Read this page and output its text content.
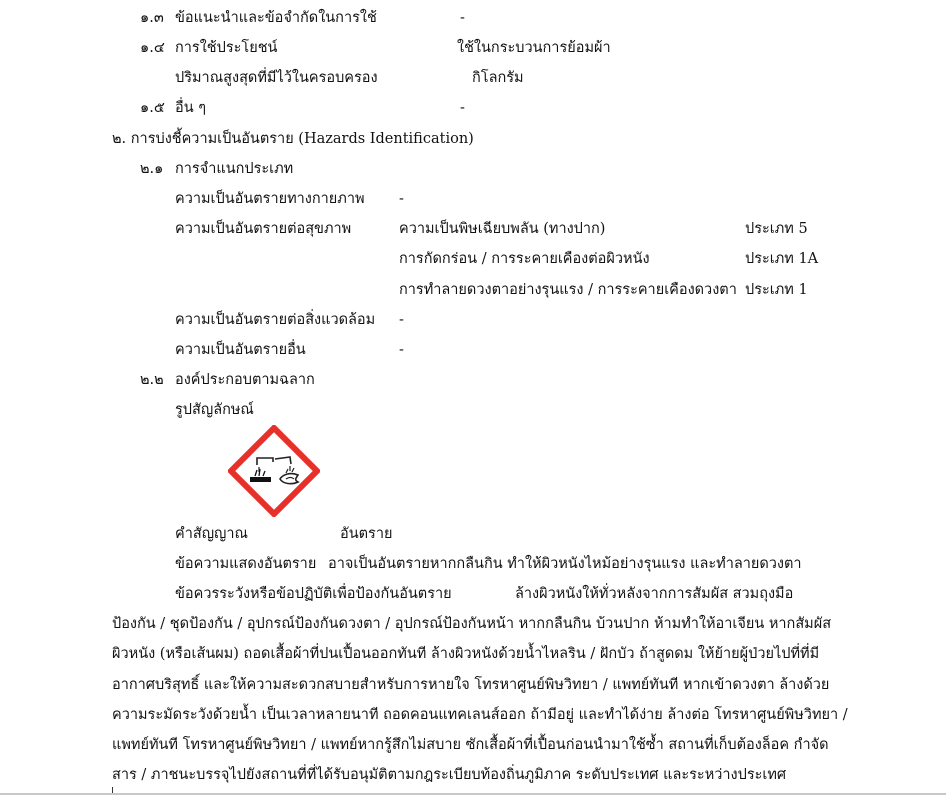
๑.๓ ข้อแนะนำและข้อจำกัดในการใช้	-
๑.๔ การใช้ประโยชน์	ใช้ในกระบวนการย้อมผ้า
ปริมาณสูงสุดที่มีไว้ในครอบครอง	กิโลกรัม
๑.๕ อื่น ๆ	-
๒. การบ่งชี้ความเป็นอันตราย (Hazards Identification)
๒.๑ การจำแนกประเภท
ความเป็นอันตรายทางกายภาพ -
ความเป็นอันตรายต่อสุขภาพ	ความเป็นพิษเฉียบพลัน (ทางปาก)	ประเภท 5
การกัดกร่อน / การระคายเคืองต่อผิวหนัง	ประเภท 1A
การทำลายดวงตาอย่างรุนแรง / การระคายเคืองดวงตา ประเภท 1
ความเป็นอันตรายต่อสิ่งแวดล้อม -
ความเป็นอันตรายอื่น	-
๒.๒ องค์ประกอบตามฉลาก
รูปสัญลักษณ์
คำสัญญาณ	อันตราย
ข้อความแสดงอันตราย อาจเป็นอันตรายหากกลืนกิน ทำให้ผิวหนังไหม้อย่างรุนแรง และทำลายดวงตา
ข้อควรระวังหรือข้อปฏิบัติเพื่อป้องกันอันตราย	ล้างผิวหนังให้ทั่วหลังจากการสัมผัส สวมถุงมือ
ป้องกัน / ชุดป้องกัน / อุปกรณ์ป้องกันดวงตา / อุปกรณ์ป้องกันหน้า หากกลืนกิน บ้วนปาก ห้ามทำให้อาเจียน หากสัมผัส
ผิวหนัง (หรือเส้นผม) ถอดเสื้อผ้าที่ปนเปื้อนออกทันที ล้างผิวหนังด้วยน้ำไหลริน / ฝักบัว ถ้าสูดดม ให้ย้ายผู้ป่วยไปที่ที่มี
อากาศบริสุทธิ์ และให้ความสะดวกสบายสำหรับการหายใจ โทรหาศูนย์พิษวิทยา / แพทย์ทันที หากเข้าดวงตา ล้างด้วย
ความระมัดระวังด้วยน้ำ เป็นเวลาหลายนาที ถอดคอนแทคเลนส์ออก ถ้ามีอยู่ และทำได้ง่าย ล้างต่อ โทรหาศูนย์พิษวิทยา /
แพทย์ทันที โทรหาศูนย์พิษวิทยา / แพทย์หากรู้สึกไม่สบาย ซักเสื้อผ้าที่เปื้อนก่อนนำมาใช้ซ้ำ สถานที่เก็บต้องล็อค กำจัด
สาร / ภาชนะบรรจุไปยังสถานที่ที่ได้รับอนุมัติตามกฎระเบียบท้องถิ่นภูมิภาค ระดับประเทศ และระหว่างประเทศ
